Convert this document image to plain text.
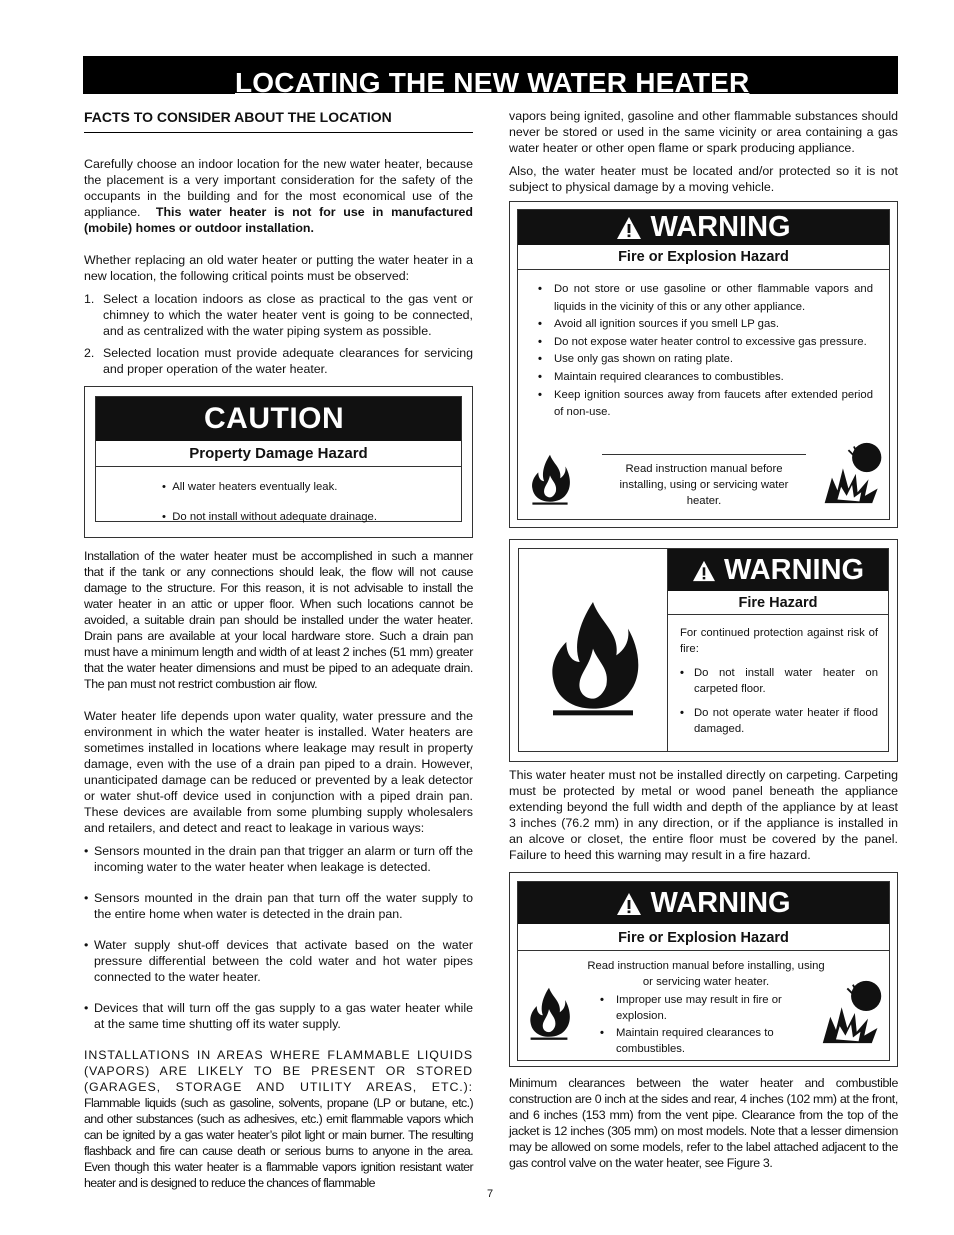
LOCATING THE NEW WATER HEATER
FACTS TO CONSIDER ABOUT THE LOCATION

Carefully choose an indoor location for the new water heater, because the placement is a very important consideration for the safety of the occupants in the building and for the most economical use of the appliance. This water heater is not for use in manufactured (mobile) homes or outdoor installation.

Whether replacing an old water heater or putting the water heater in a new location, the following critical points must be observed:

1. Select a location indoors as close as practical to the gas vent or chimney to which the water heater vent is going to be connected, and as centralized with the water piping system as possible.
2. Selected location must provide adequate clearances for servicing and proper operation of the water heater.
CAUTION
Property Damage Hazard
•  All water heaters eventually leak.
•  Do not install without adequate drainage.

Installation of the water heater must be accomplished in such a manner that if the tank or any connections should leak, the flow will not cause damage to the structure. For this reason, it is not advisable to install the water heater in an attic or upper floor. When such locations cannot be avoided, a suitable drain pan should be installed under the water heater. Drain pans are available at your local hardware store. Such a drain pan must have a minimum length and width of at least 2 inches (51 mm) greater that the water heater dimensions and must be piped to an adequate drain. The pan must not restrict combustion air flow.

Water heater life depends upon water quality, water pressure and the environment in which the water heater is installed. Water heaters are sometimes installed in locations where leakage may result in property damage, even with the use of a drain pan piped to a drain. However, unanticipated damage can be reduced or prevented by a leak detector or water shut-off device used in conjunction with a piped drain pan. These devices are available from some plumbing supply wholesalers and retailers, and detect and react to leakage in various ways:

• Sensors mounted in the drain pan that trigger an alarm or turn off the incoming water to the water heater when leakage is detected.
• Sensors mounted in the drain pan that turn off the water supply to the entire home when water is detected in the drain pan.
• Water supply shut-off devices that activate based on the water pressure differential between the cold water and hot water pipes connected to the water heater.
• Devices that will turn off the gas supply to a gas water heater while at the same time shutting off its water supply.

INSTALLATIONS IN AREAS WHERE FLAMMABLE LIQUIDS (VAPORS) ARE LIKELY TO BE PRESENT OR STORED (GARAGES, STORAGE AND UTILITY AREAS, ETC.): Flammable liquids (such as gasoline, solvents, propane (LP or butane, etc.) and other substances (such as adhesives, etc.) emit flammable vapors which can be ignited by a gas water heater’s pilot light or main burner. The resulting flashback and fire can cause death or serious burns to anyone in the area. Even though this water heater is a flammable vapors ignition resistant water heater and is designed to reduce the chances of flammable

vapors being ignited, gasoline and other flammable substances should never be stored or used in the same vicinity or area containing a gas water heater or other open flame or spark producing appliance.

Also, the water heater must be located and/or protected so it is not subject to physical damage by a moving vehicle.

WARNING
Fire or Explosion Hazard
•	Do not store or use gasoline or other flammable vapors and liquids in the vicinity of this or any other appliance.
•	Avoid all ignition sources if you smell LP gas.
•	Do not expose water heater control to excessive gas pressure.
•	Use only gas shown on rating plate.
•	Maintain required clearances to combustibles.
•	Keep ignition sources away from faucets after extended period of non-use.
Read instruction manual before installing, using or servicing water heater.
WARNING
Fire Hazard

For continued protection against risk of fire:

• Do not install water heater on carpeted floor.
• Do not operate water heater if flood damaged.

This water heater must not be installed directly on carpeting. Carpeting must be protected by metal or wood panel beneath the appliance extending beyond the full width and depth of the appliance by at least 3 inches (76.2 mm) in any direction, or if the appliance is installed in an alcove or closet, the entire floor must be covered by the panel. Failure to heed this warning may result in a fire hazard.

WARNING
Fire or Explosion Hazard
Read instruction manual before installing, using or servicing water heater.
•	Improper use may result in fire or explosion.
•	Maintain required clearances to combustibles.

Minimum clearances between the water heater and combustible construction are 0 inch at the sides and rear, 4 inches (102 mm) at the front, and 6 inches (153 mm) from the vent pipe. Clearance from the top of the jacket is 12 inches (305 mm) on most models. Note that a lesser dimension may be allowed on some models, refer to the label attached adjacent to the gas control valve on the water heater, see Figure 3.

7
